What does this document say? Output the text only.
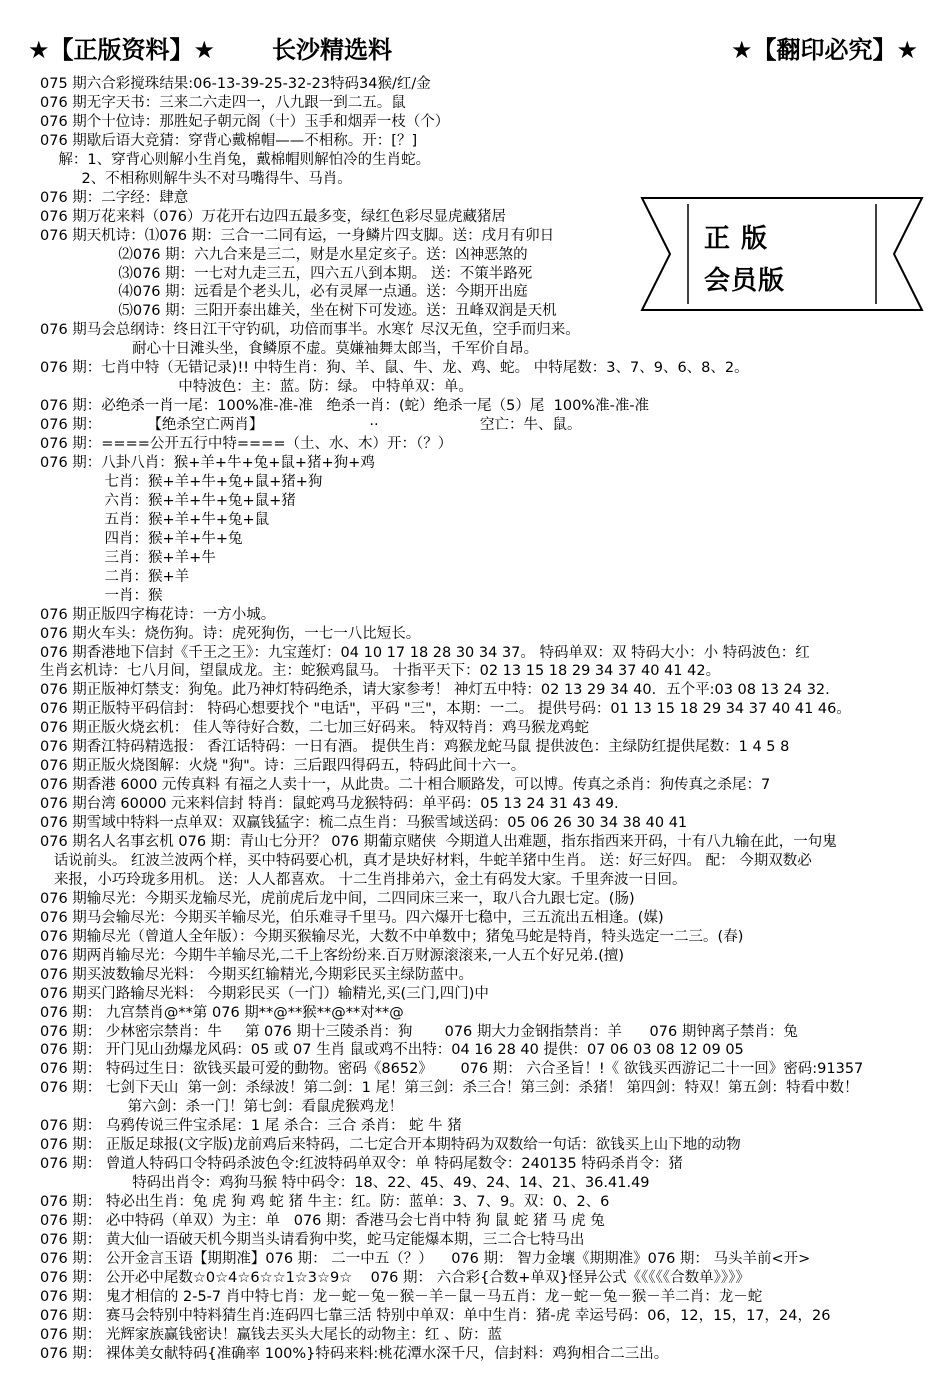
★【正版资料】★ 长沙精选料	★【翻印必究】★
正 版
会员版
075 期六合彩搅珠结果:06-13-39-25-32-23特码34猴/红/金
076 期无字天书：三来二六走四一，八九跟一到二五。鼠
076 期个十位诗：那胜妃子朝元阁（十）玉手和烟弄一枝（个）
076 期歇后语大竞猜：穿背心戴棉帽——不相称。开：[？]
解：1、穿背心则解小生肖兔，戴棉帽则解怕冷的生肖蛇。
2、不相称则解牛头不对马嘴得牛、马肖。
076 期：二字经：肆意
076 期万花来料（076）万花开右边四五最多变，绿红色彩尽显虎藏猪居
076 期天机诗：⑴076 期：三合一二同有运，一身鳞片四支脚。送：戌月有卯日
⑵076 期：六九合来是三二，财是水星定亥子。送：凶神恶煞的
⑶076 期：一七对九走三五，四六五八到本期。 送：不策半路死
⑷076 期：远看是个老头儿，必有灵犀一点通。送：今期开出庭
⑸076 期：三阳开泰出雄关，坐在树下可发迹。送：丑峰双润是天机
076 期马会总纲诗：终日江干守钓矶，功倍而事半。水寒饣尽汉无鱼，空手而归来。
耐心十日滩头坐，食鳞原不虚。莫嫌袖舞太郎当，千军价自昂。
076 期：七肖中特（无错记录)!! 中特生肖：狗、羊、鼠、牛、龙、鸡、蛇。 中特尾数：3、7、9、6、8、2。
中特波色：主：蓝。防：绿。 中特单双：单。
076 期：必绝杀一肖一尾：100%准-准-准   绝杀一肖：(蛇）绝杀一尾（5）尾  100%准-准-准
076 期：          【绝杀空亡两肖】                       ··                      空亡：牛、鼠。
076 期：====公开五行中特====（土、水、木）开：（？）
076 期：八卦八肖：猴+羊+牛+兔+鼠+猪+狗+鸡
七肖：猴+羊+牛+兔+鼠+猪+狗
六肖：猴+羊+牛+兔+鼠+猪
五肖：猴+羊+牛+兔+鼠
四肖：猴+羊+牛+兔
三肖：猴+羊+牛
二肖：猴+羊
一肖：猴
076 期正版四字梅花诗：一方小城。
076 期火车头：烧伤狗。诗：虎死狗伤，一七一八比短长。
076 期香港地下信封《千王之王》：九宝莲灯：04 10 17 18 28 30 34 37。 特码单双：双 特码大小：小 特码波色：红
生肖玄机诗：七八月间，望鼠成龙。主：蛇猴鸡鼠马。 十指平天下：02 13 15 18 29 34 37 40 41 42。
076 期正版神灯禁支：狗兔。此乃神灯特码绝杀，请大家参考！ 神灯五中特：02 13 29 34 40．五个平:03 08 13 24 32.
076 期正版特平码信封： 特码心想要找个 "电话"，平码 "三"，本期：一二。 提供号码：01 13 15 18 29 34 37 40 41 46。
076 期正版火烧玄机： 佳人等待好合数，二七加三好码来。 特双特肖：鸡马猴龙鸡蛇
076 期香江特码精选报： 香江话特码：一日有酒。 提供生肖：鸡猴龙蛇马鼠 提供波色：主绿防红提供尾数：1 4 5 8
076 期正版火烧图解：火烧 "狗"。诗：三后跟四得码五，特码此间十六一。
076 期香港 6000 元传真料 有福之人卖十一，从此贵。二十相合顺路发，可以博。传真之杀肖：狗传真之杀尾：7
076 期台湾 60000 元来料信封 特肖：鼠蛇鸡马龙猴特码：单平码：05 13 24 31 43 49.
076 期雪域中特料一点单双：双赢钱猛字：梳二点生肖：马猴雪域送码：05 06 26 30 34 38 40 41
076 期名人名事玄机 076 期：青山七分开？ 076 期葡京赌侠  今期道人出难题，指东指西来开码，十有八九输在此，一句鬼
话说前头。 红波兰波两个样，买中特码要心机，真才是块好材料，牛蛇羊猪中生肖。 送：好三好四。 配： 今期双数必
来报，小巧玲珑多用机。 送：人人都喜欢。 十二生肖排弟六，金土有码发大家。千里奔波一日回。
076 期输尽光：今期买龙输尽光，虎前虎后龙中间，二四同床三来一，取八合九跟七定。(肠)
076 期马会输尽光：今期买羊输尽光，伯乐难寻千里马。四六爆开七稳中，三五流出五相逢。(媒)
076 期输尽光（曾道人全年版）：今期买猴输尽光，大数不中单数中；猪兔马蛇是特肖，特头选定一二三。(春)
076 期两肖输尽光：今期牛羊输尽光,二千上客纷纷来.百万财源滚滚来,一人五个好兄弟.(擅)
076 期买波数输尽光料： 今期买红输精光,今期彩民买主绿防蓝中。
076 期买门路输尽光料： 今期彩民买（一门）输精光,买(三门,四门)中
076 期： 九宫禁肖@**第 076 期**@**猴**@**对**@
076 期： 少林密宗禁肖：牛     第 076 期十三陵杀肖：狗       076 期大力金钢指禁肖：羊      076 期钟离子禁肖：兔
076 期： 开门见山劲爆龙风码：05 或 07 生肖 鼠或鸡不出特：04 16 28 40 提供：07 06 03 08 12 09 05
076 期： 特码过生日：欲钱买最可爱的動物。密码《8652》      076 期： 六合圣旨！!《 欲钱买西游记二十一回》密码:91357
076 期： 七剑下天山  第一剑：杀绿波！第二剑：1 尾！第三剑：杀三合！第三剑：杀猪！ 第四剑：特双！第五剑：特看中数！
第六剑：杀一门！第七剑：看鼠虎猴鸡龙！
076 期： 乌鸦传说三件宝杀尾：1 尾 杀合：三合 杀肖： 蛇 牛 猪
076 期： 正版足球报(文字版)龙前鸡后来特码，二七定合开本期特码为双数给一句话：欲钱买上山下地的动物
076 期： 曾道人特码口令特码杀波色令:红波特码单双令：单 特码尾数令：240135 特码杀肖令：猪
特码出肖令：鸡狗马猴 特中码令：18、22、45、49、24、14、21、36.41.49
076 期： 特必出生肖：兔 虎 狗 鸡 蛇 猪 牛主：红。防：蓝单：3、7、9。双：0、2、6
076 期： 必中特码（单双）为主：单   076 期：香港马会七肖中特 狗 鼠 蛇 猪 马 虎 兔
076 期： 黄大仙一语破天机今期当头请看狗中奖，蛇马定能爆本期，三二合七特马出
076 期： 公开金言玉语【期期准】076 期： 二一中五（？）    076 期： 智力金壤《期期准》076 期： 马头羊前<开>
076 期： 公开必中尾数☆0☆4☆6☆☆1☆3☆9☆    076 期： 六合彩{合数+单双}怪异公式《《《《《合数单》》》》
076 期： 鬼才相信的 2-5-7 肖中特七肖：龙－蛇－兔－猴－羊－鼠－马五肖：龙－蛇－兔－猴－羊二肖：龙－蛇
076 期： 赛马会特别中特料猜生肖:连码四七靠三活 特别中单双：单中生肖：猪-虎 幸运号码：06，12，15，17，24，26
076 期： 光辉家族赢钱密诀！赢钱去买头大尾长的动物主：红 、防：蓝
076 期： 裸体美女献特码{准确率 100%}特码来料:桃花潭水深千尺，信封料：鸡狗相合二三出。
